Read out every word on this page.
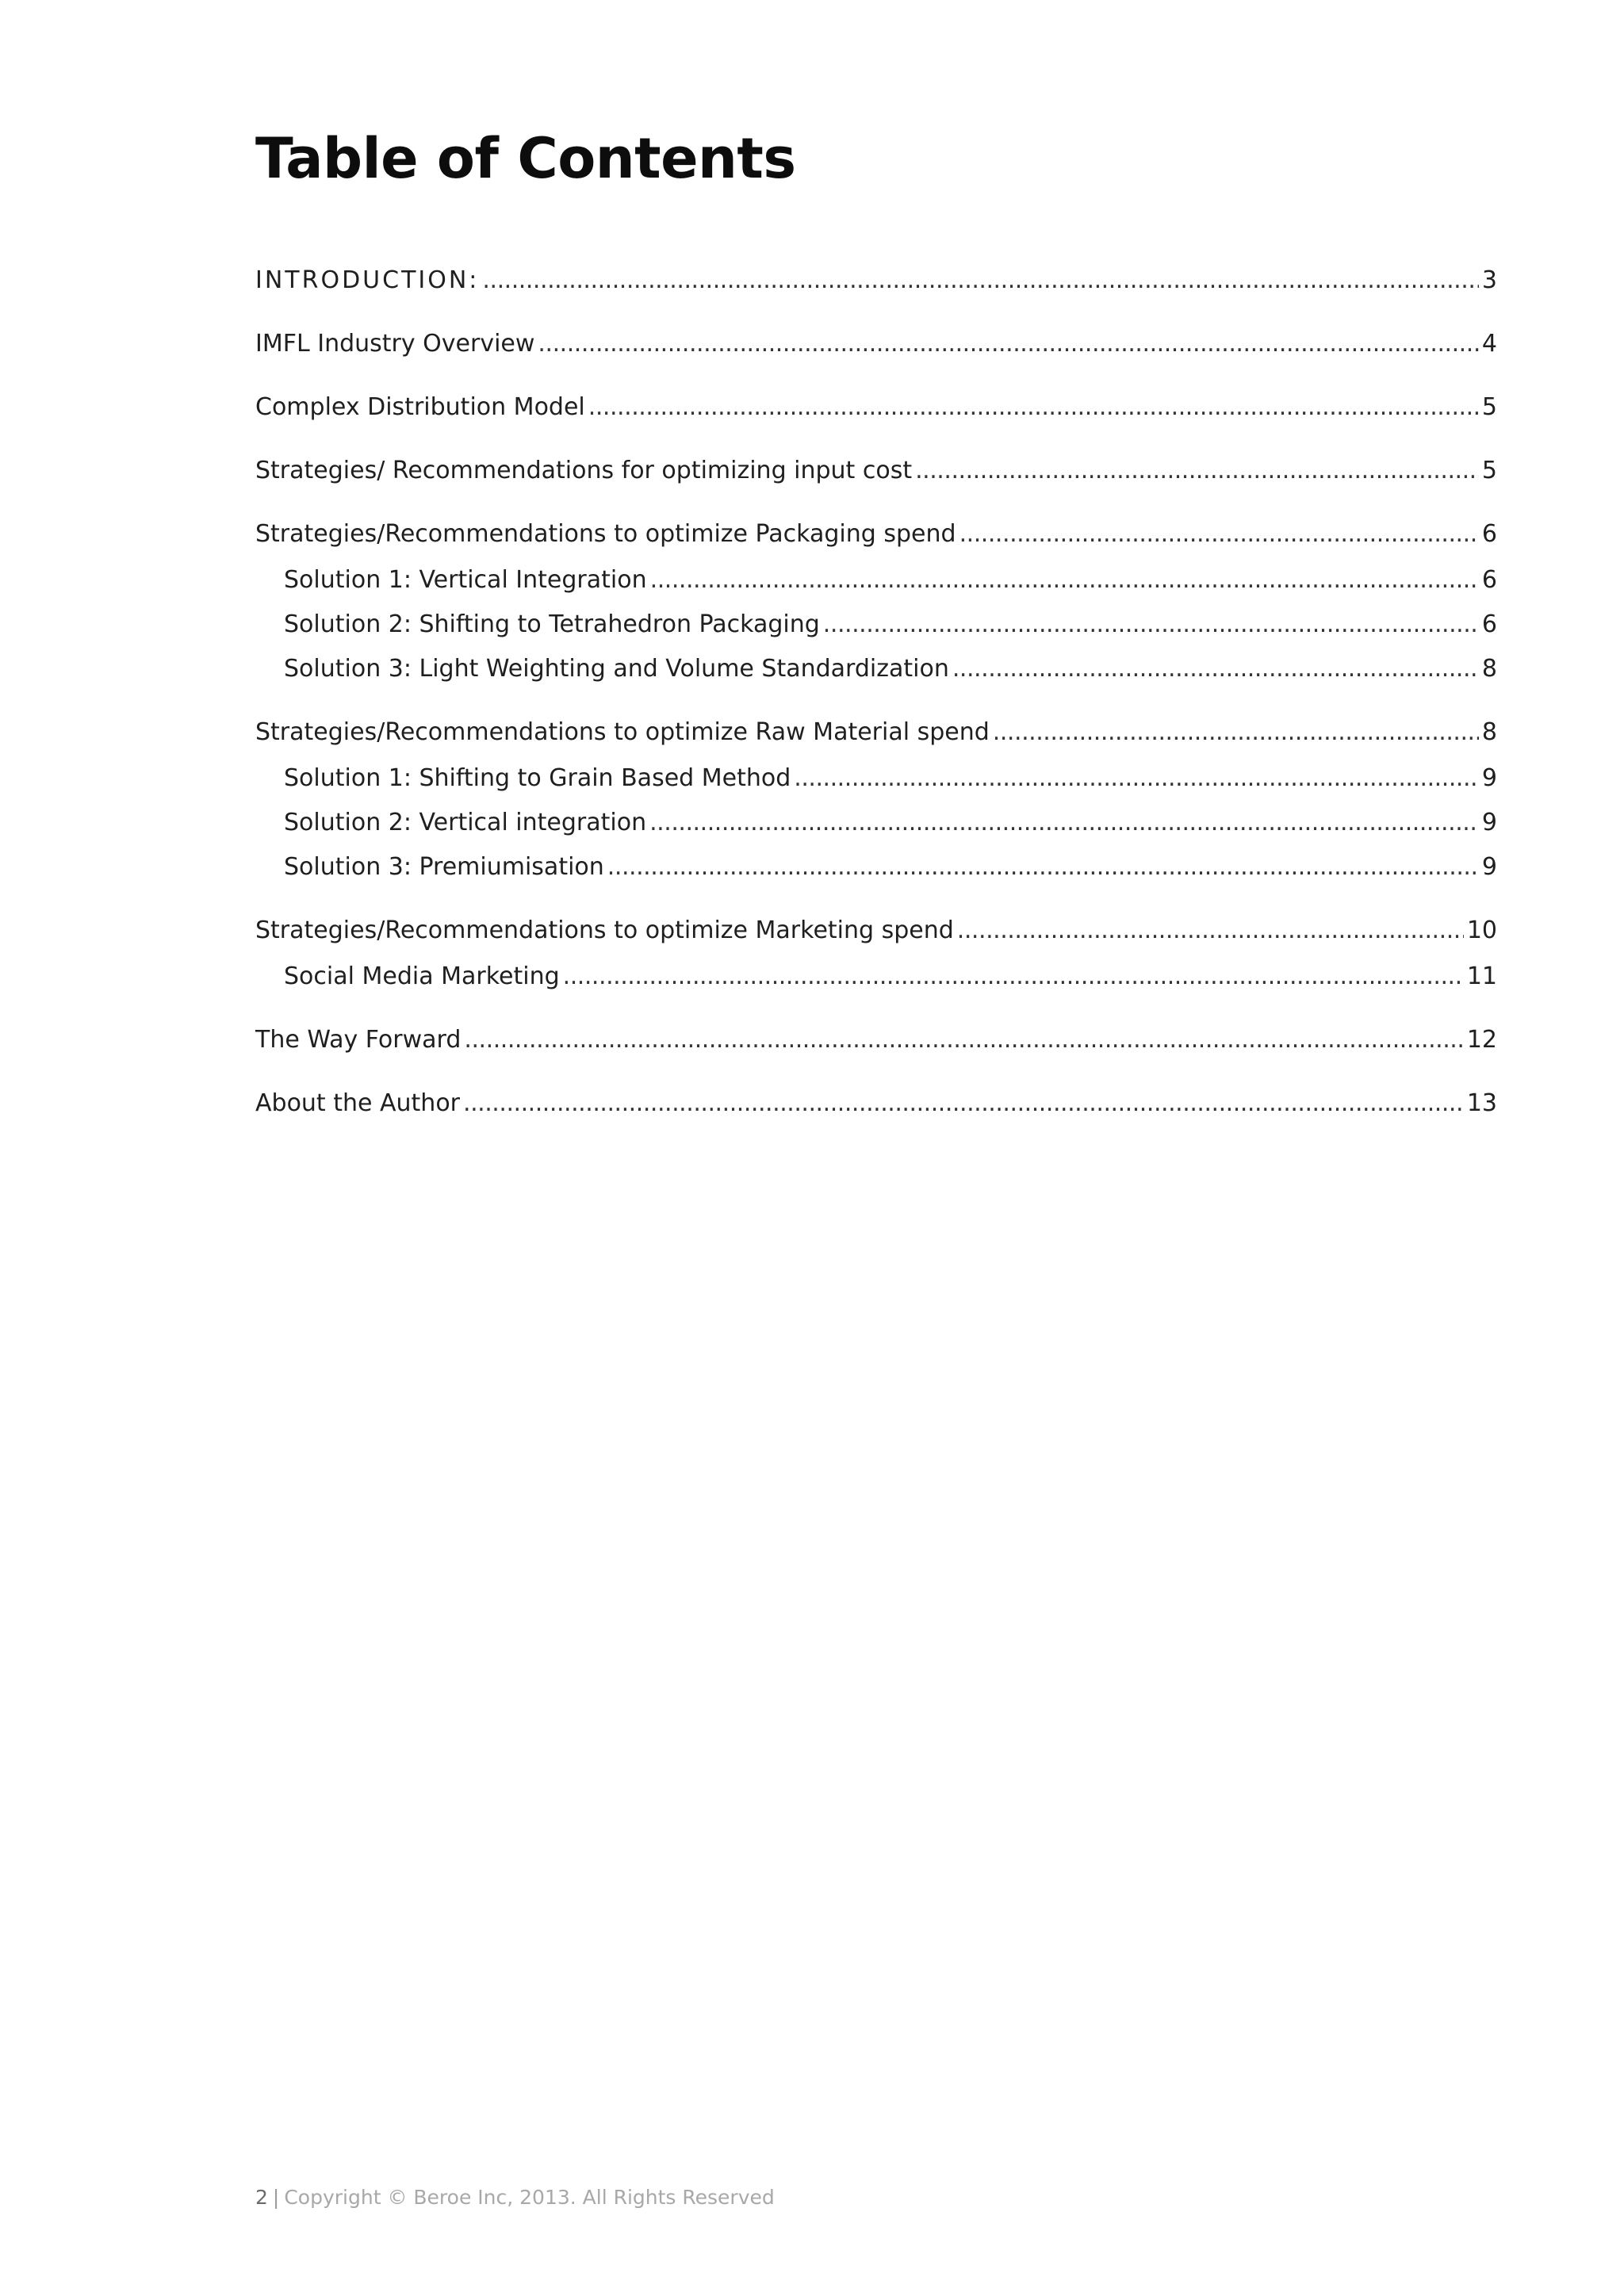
Table of Contents
INTRODUCTION: . . .	3
IMFL Industry Overview . . .	4
Complex Distribution Model . . .	5
Strategies/ Recommendations for optimizing input cost . . .	5
Strategies/Recommendations to optimize Packaging spend . . .	6
Solution 1: Vertical Integration . . .	6
Solution 2: Shifting to Tetrahedron Packaging . . .	6
Solution 3: Light Weighting and Volume Standardization . . .	8
Strategies/Recommendations to optimize Raw Material spend . . .	8
Solution 1: Shifting to Grain Based Method . . .	9
Solution 2: Vertical integration . . .	9
Solution 3: Premiumisation . . .	9
Strategies/Recommendations to optimize Marketing spend . . .	10
Social Media Marketing . . .	11
The Way Forward . . .	12
About the Author . . .	13
2 | Copyright © Beroe Inc, 2013. All Rights Reserved
